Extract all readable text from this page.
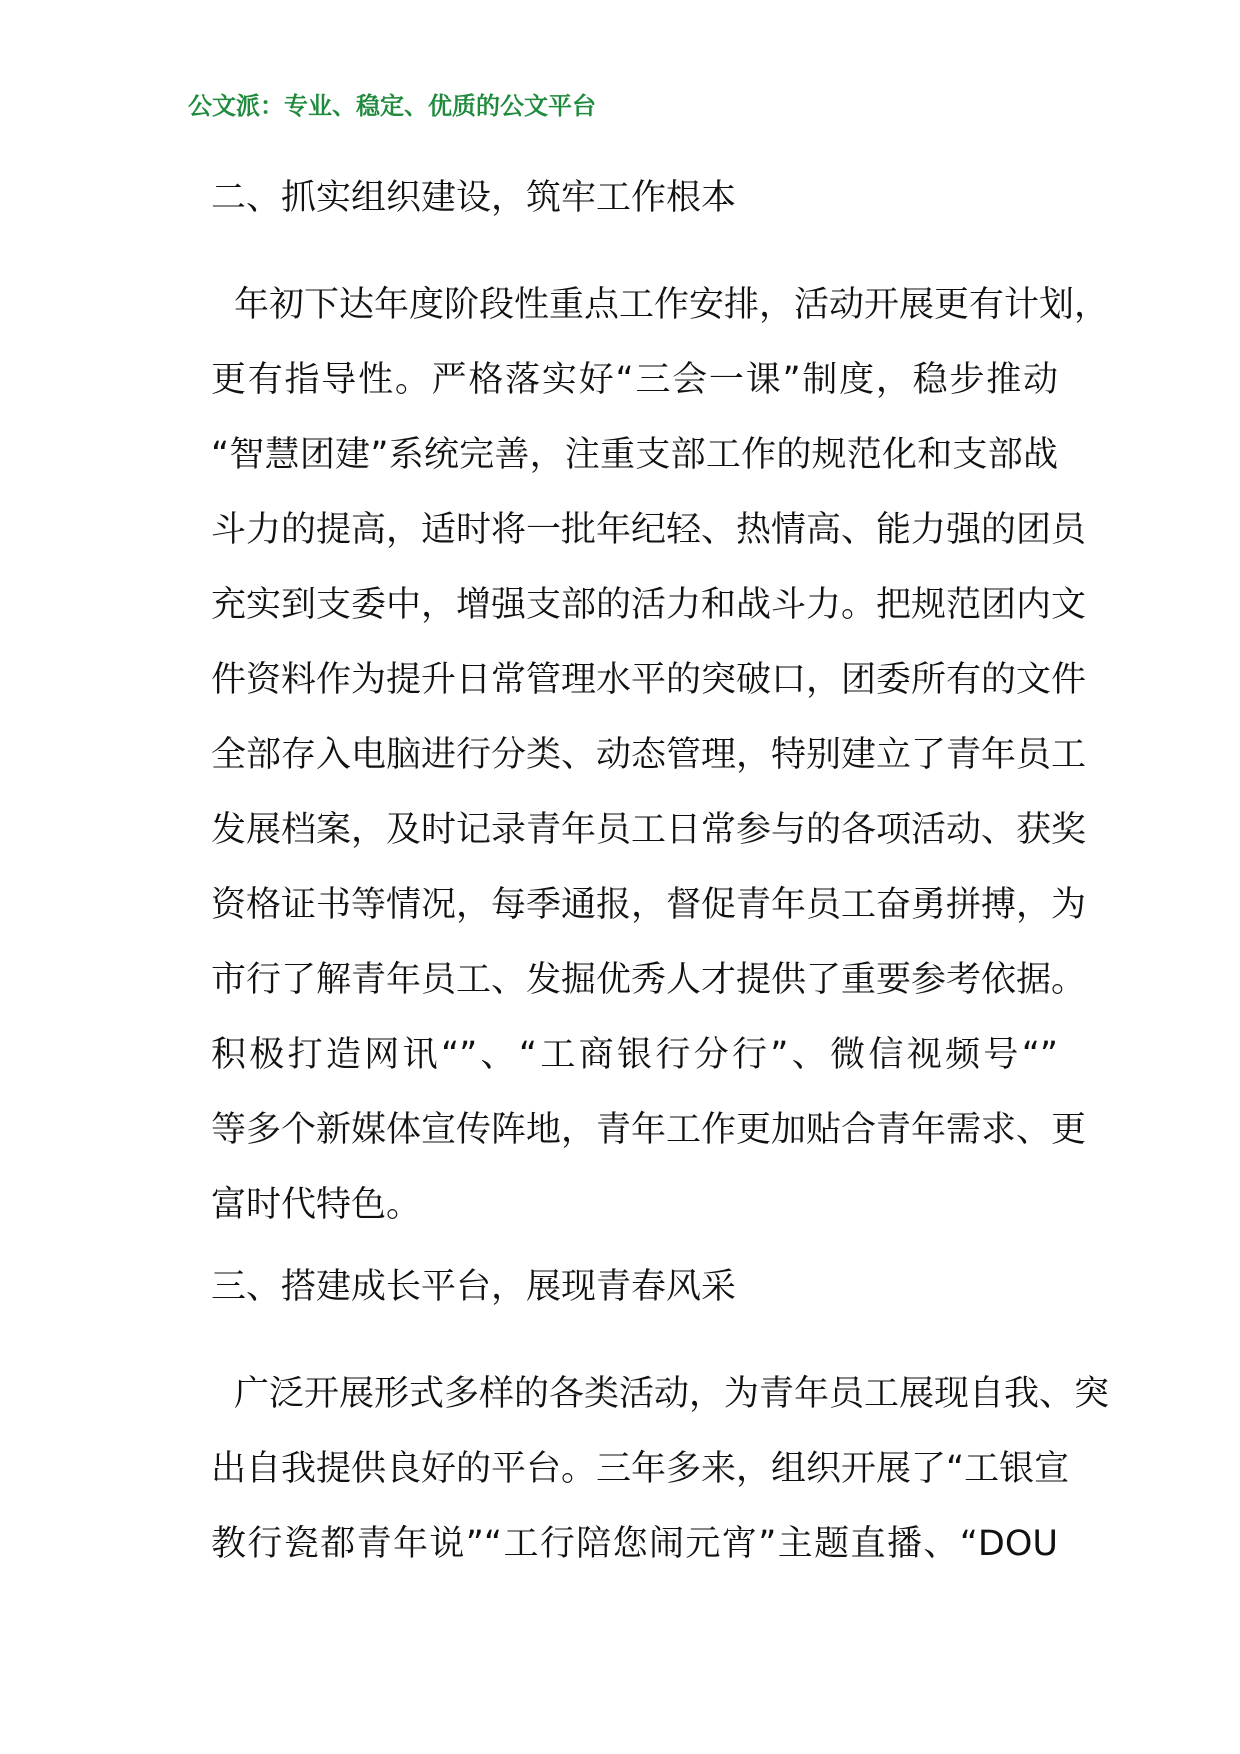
公文派：专业、稳定、优质的公文平台
二、抓实组织建设，筑牢工作根本
年初下达年度阶段性重点工作安排，活动开展更有计划，
更有指导性。严格落实好“三会一课”制度，稳步推动
“智慧团建”系统完善，注重支部工作的规范化和支部战
斗力的提高，适时将一批年纪轻、热情高、能力强的团员
充实到支委中，增强支部的活力和战斗力。把规范团内文
件资料作为提升日常管理水平的突破口，团委所有的文件
全部存入电脑进行分类、动态管理，特别建立了青年员工
发展档案，及时记录青年员工日常参与的各项活动、获奖
资格证书等情况，每季通报，督促青年员工奋勇拼搏，为
市行了解青年员工、发掘优秀人才提供了重要参考依据。
积极打造网讯“”、“工商银行分行”、微信视频号“”
等多个新媒体宣传阵地，青年工作更加贴合青年需求、更
富时代特色。
三、搭建成长平台，展现青春风采
广泛开展形式多样的各类活动，为青年员工展现自我、突
出自我提供良好的平台。三年多来，组织开展了“工银宣
教行瓷都青年说”“工行陪您闹元宵”主题直播、“DOU
